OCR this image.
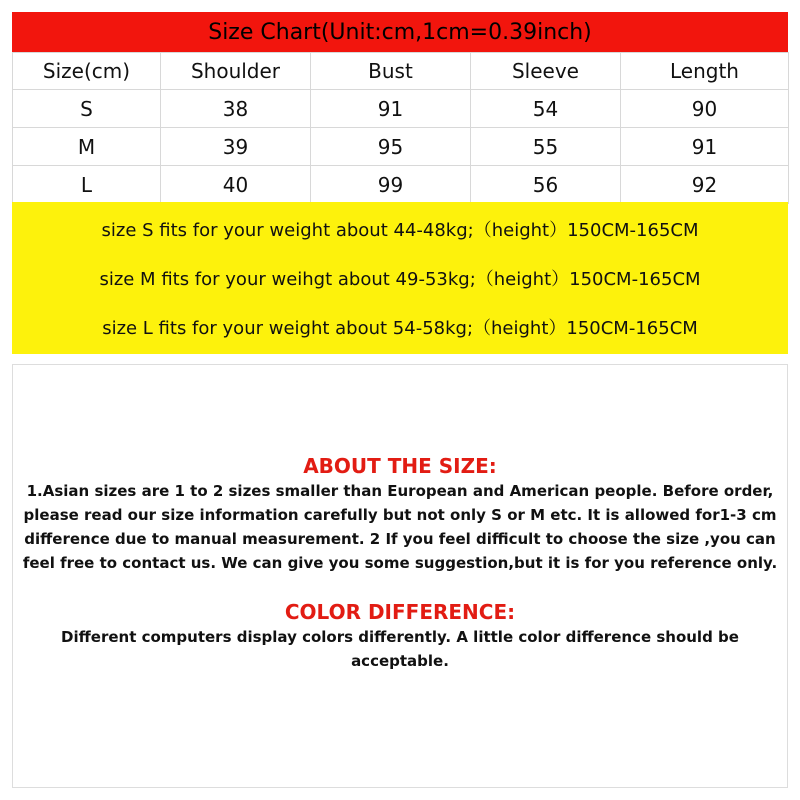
Size Chart(Unit:cm,1cm=0.39inch)
Size(cm)	Shoulder	Bust	Sleeve	Length
S	38	91	54	90
M	39	95	55	91
L	40	99	56	92
size S fits for your weight about 44-48kg;（height）150CM-165CM
size M fits for your weihgt about 49-53kg;（height）150CM-165CM
size L fits for your weight about 54-58kg;（height）150CM-165CM

ABOUT THE SIZE:

1.Asian sizes are 1 to 2 sizes smaller than European and American people. Before order, please read our size information carefully but not only S or M etc. It is allowed for1-3 cm difference due to manual measurement. 2 If you feel difficult to choose the size ,you can feel free to contact us. We can give you some suggestion,but it is for you reference only.

COLOR DIFFERENCE:

Different computers display colors differently. A little color difference should be acceptable.
